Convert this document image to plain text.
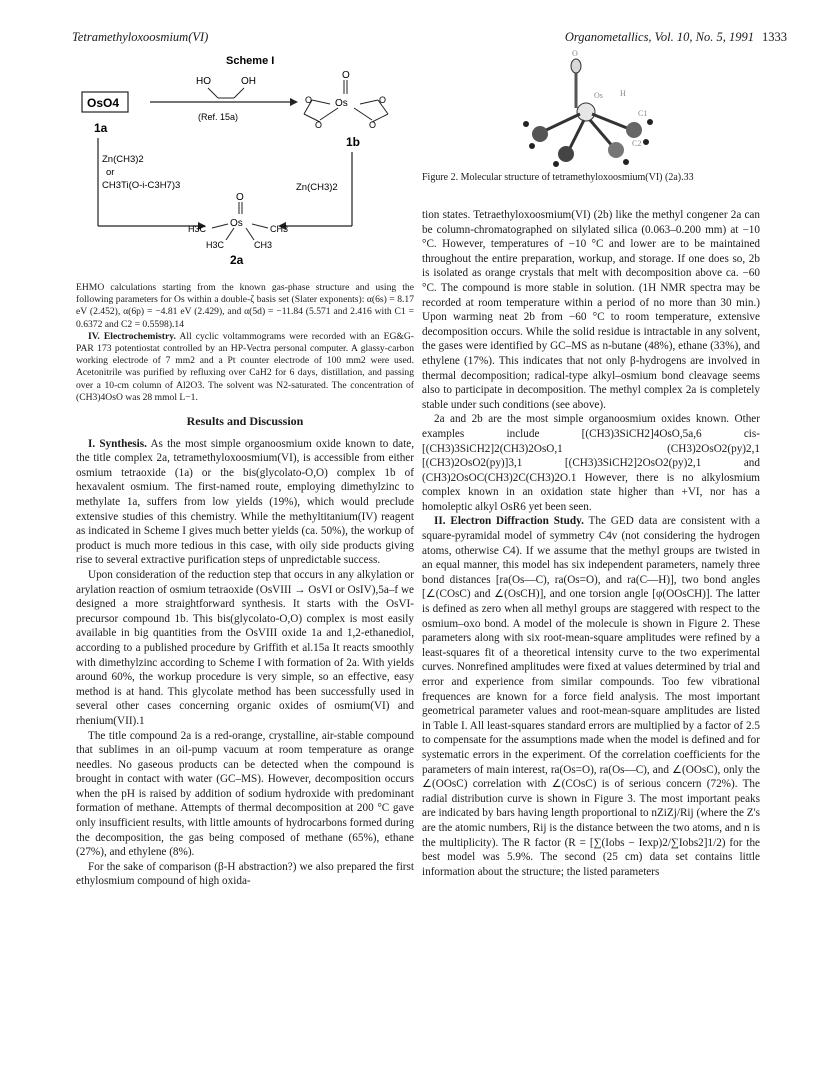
Tetramethyloxoosmium(VI)	Organometallics, Vol. 10, No. 5, 1991 1333
Scheme I
HO	OH
OsO4
1a
(Ref. 15a)
O
Os
O	O
O	O
1b
Zn(CH3)2
or
CH3Ti(O-i-C3H7)3	Zn(CH3)2
O
Os
H3C	CH3
H3C	CH3
2a
O
Os H
C1
C2
Figure 2. Molecular structure of tetramethyloxoosmium(VI) (2a).33

EHMO calculations starting from the known gas-phase structure and using the following parameters for Os within a double-ζ basis set (Slater exponents): α(6s) = 8.17 eV (2.452), α(6p) = −4.81 eV (2.429), and α(5d) = −11.84 (5.571 and 2.416 with C1 = 0.6372 and C2 = 0.5598).14

IV. Electrochemistry. All cyclic voltammograms were recorded with an EG&G-PAR 173 potentiostat controlled by an HP-Vectra personal computer. A glassy-carbon working electrode of 7 mm2 and a Pt counter electrode of 100 mm2 were used. Acetonitrile was purified by refluxing over CaH2 for 6 days, distillation, and passing over a 10-cm column of Al2O3. The solvent was N2-saturated. The concentration of (CH3)4OsO was 28 mmol L−1.

Results and Discussion

I. Synthesis. As the most simple organoosmium oxide known to date, the title complex 2a, tetramethyloxoosmium(VI), is accessible from either osmium tetraoxide (1a) or the bis(glycolato-O,O) complex 1b of hexavalent osmium. The first-named route, employing dimethylzinc to methylate 1a, suffers from low yields (19%), which would preclude extensive studies of this chemistry. While the methyltitanium(IV) reagent as indicated in Scheme I gives much better yields (ca. 50%), the workup of product is much more tedious in this case, with oily side products giving rise to several extractive purification steps of unpredictable success.

Upon consideration of the reduction step that occurs in any alkylation or arylation reaction of osmium tetraoxide (OsVIII → OsVI or OsIV),5a–f we designed a more straightforward synthesis. It starts with the OsVI-precursor compound 1b. This bis(glycolato-O,O) complex is most easily available in big quantities from the OsVIII oxide 1a and 1,2-ethanediol, according to a published procedure by Griffith et al.15a It reacts smoothly with dimethylzinc according to Scheme I with formation of 2a. With yields around 60%, the workup procedure is very simple, so an effective, easy method is at hand. This glycolate method has been successfully used in several other cases concerning organic oxides of osmium(VI) and rhenium(VII).1

The title compound 2a is a red-orange, crystalline, air-stable compound that sublimes in an oil-pump vacuum at room temperature as orange needles. No gaseous products can be detected when the compound is brought in contact with water (GC–MS). However, decomposition occurs when the pH is raised by addition of sodium hydroxide with predominant formation of methane. Attempts of thermal decomposition at 200 °C gave only insufficient results, with little amounts of hydrocarbons formed during the decomposition, the gas being composed of methane (65%), ethane (27%), and ethylene (8%).

For the sake of comparison (β-H abstraction?) we also prepared the first ethylosmium compound of high oxida-

tion states. Tetraethyloxoosmium(VI) (2b) like the methyl congener 2a can be column-chromatographed on silylated silica (0.063–0.200 mm) at −10 °C. However, temperatures of −10 °C and lower are to be maintained throughout the entire preparation, workup, and storage. If one does so, 2b is isolated as orange crystals that melt with decomposition above ca. −60 °C. The compound is more stable in solution. (1H NMR spectra may be recorded at room temperature within a period of no more than 30 min.) Upon warming neat 2b from −60 °C to room temperature, extensive decomposition occurs. While the solid residue is intractable in any solvent, the gases were identified by GC–MS as n-butane (48%), ethane (33%), and ethylene (17%). This indicates that not only β-hydrogens are involved in thermal decomposition; radical-type alkyl–osmium bond cleavage seems also to participate in decomposition. The methyl complex 2a is completely stable under such conditions (see above).

2a and 2b are the most simple organoosmium oxides known. Other examples include [(CH3)3SiCH2]4OsO,5a,6 cis-[(CH3)3SiCH2]2(CH3)2OsO,1 (CH3)2OsO2(py)2,1 [(CH3)2OsO2(py)]3,1 [(CH3)3SiCH2]2OsO2(py)2,1 and (CH3)2OsOC(CH3)2C(CH3)2O.1 However, there is no alkylosmium complex known in an oxidation state higher than +VI, nor has a homoleptic alkyl OsR6 yet been seen.

II. Electron Diffraction Study. The GED data are consistent with a square-pyramidal model of symmetry C4v (not considering the hydrogen atoms, otherwise C4). If we assume that the methyl groups are twisted in an equal manner, this model has six independent parameters, namely three bond distances [ra(Os—C), ra(Os=O), and ra(C—H)], two bond angles [∠(COsC) and ∠(OsCH)], and one torsion angle [φ(OOsCH)]. The latter is defined as zero when all methyl groups are staggered with respect to the osmium–oxo bond. A model of the molecule is shown in Figure 2. These parameters along with six root-mean-square amplitudes were refined by a least-squares fit of a theoretical intensity curve to the two experimental curves. Nonrefined amplitudes were fixed at values determined by trial and error and experience from similar compounds. Too few vibrational frequences are known for a force field analysis. The most important geometrical parameter values and root-mean-square amplitudes are listed in Table I. All least-squares standard errors are multiplied by a factor of 2.5 to compensate for the assumptions made when the model is defined and for systematic errors in the experiment. Of the correlation coefficients for the parameters of main interest, ra(Os=O), ra(Os—C), and ∠(OOsC), only the ∠(OOsC) correlation with ∠(COsC) is of serious concern (72%). The radial distribution curve is shown in Figure 3. The most important peaks are indicated by bars having length proportional to nZiZj/Rij (where the Z's are the atomic numbers, Rij is the distance between the two atoms, and n is the multiplicity). The R factor (R = [∑(Iobs − Iexp)2/∑Iobs2]1/2) for the best model was 5.9%. The second (25 cm) data set contains little information about the structure; the listed parameters
